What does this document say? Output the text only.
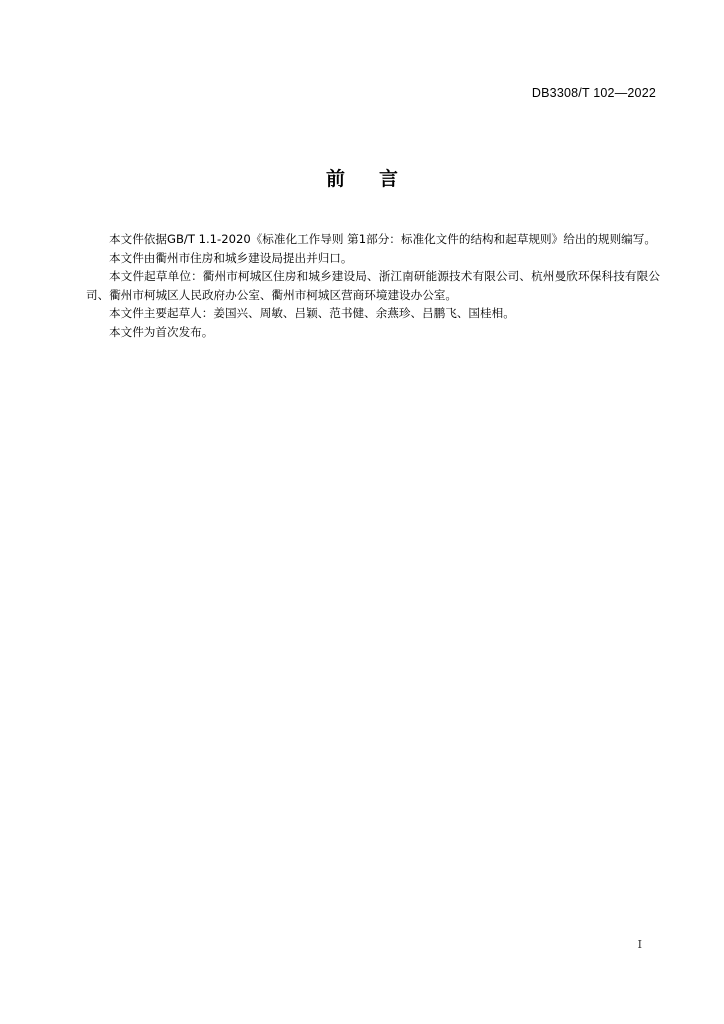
DB3308/T 102—2022
前 言

本文件依据GB/T 1.1-2020《标准化工作导则 第1部分：标准化文件的结构和起草规则》给出的规则编写。

本文件由衢州市住房和城乡建设局提出并归口。

本文件起草单位：衢州市柯城区住房和城乡建设局、浙江南研能源技术有限公司、杭州曼欣环保科技有限公司、衢州市柯城区人民政府办公室、衢州市柯城区营商环境建设办公室。

本文件主要起草人：姜国兴、周敏、吕颖、范书健、余燕珍、吕鹏飞、国桂相。

本文件为首次发布。

I
